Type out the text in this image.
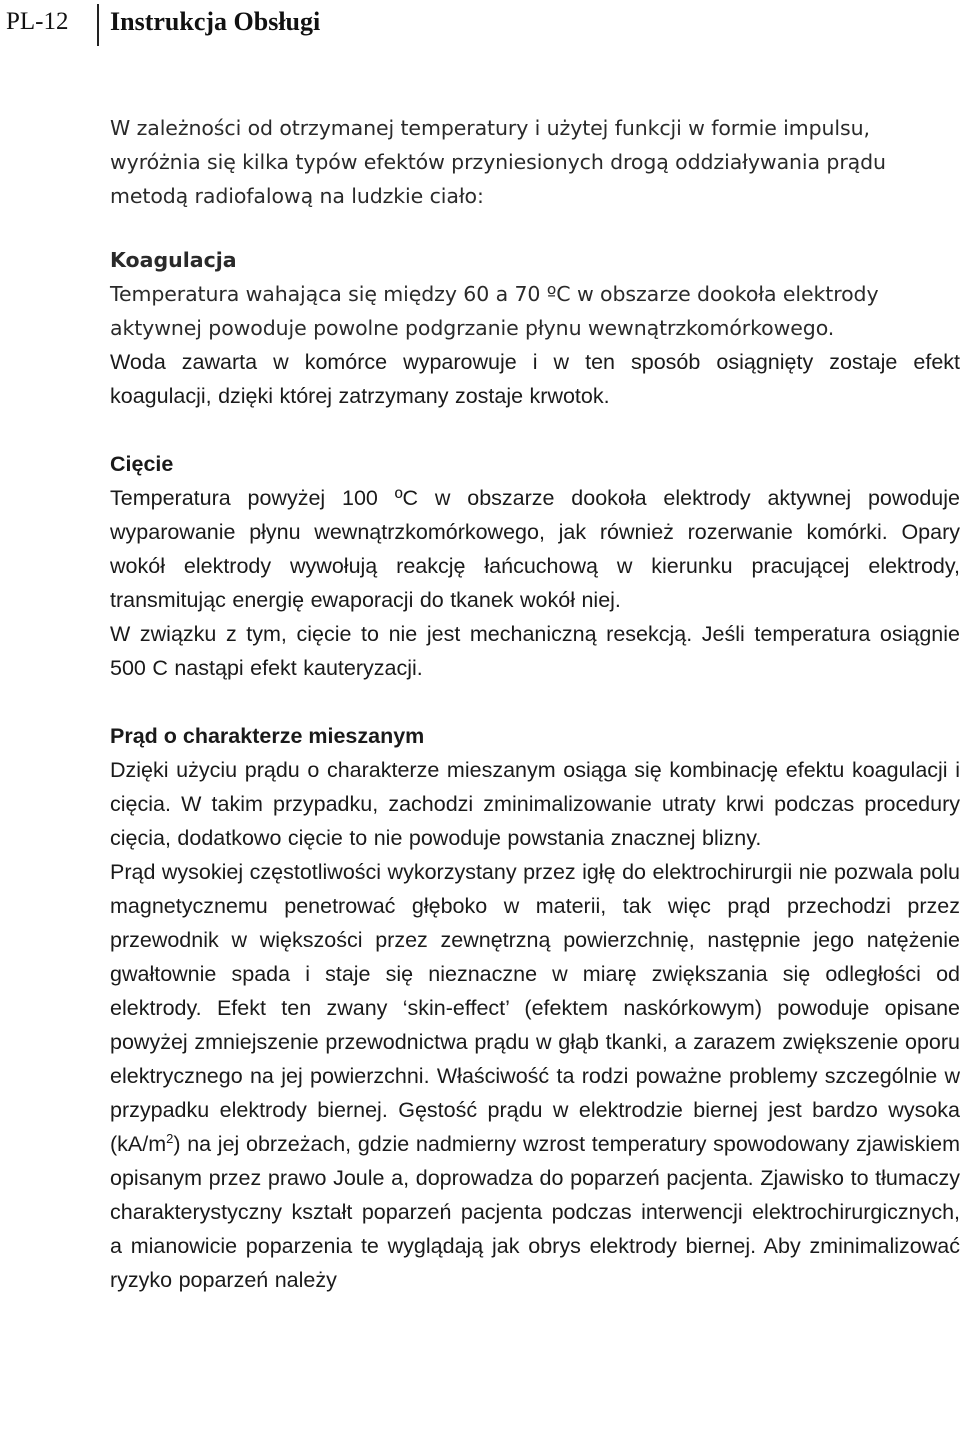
PL-12 Instrukcja Obsługi

W zależności od otrzymanej temperatury i użytej funkcji w formie impulsu, wyróżnia się kilka typów efektów przyniesionych drogą oddziaływania prądu metodą radiofalową na ludzkie ciało:

Koagulacja

Temperatura wahająca się między 60 a 70 ºC w obszarze dookoła elektrody aktywnej powoduje powolne podgrzanie płynu wewnątrzkomórkowego.

Woda zawarta w komórce wyparowuje i w ten sposób osiągnięty zostaje efekt koagulacji, dzięki której zatrzymany zostaje krwotok.

Cięcie

Temperatura powyżej 100 ºC w obszarze dookoła elektrody aktywnej powoduje wyparowanie płynu wewnątrzkomórkowego, jak również rozerwanie komórki. Opary wokół elektrody wywołują reakcję łańcuchową w kierunku pracującej elektrody, transmitując energię ewaporacji do tkanek wokół niej.

W związku z tym, cięcie to nie jest mechaniczną resekcją. Jeśli temperatura osiągnie 500 C nastąpi efekt kauteryzacji.

Prąd o charakterze mieszanym

Dzięki użyciu prądu o charakterze mieszanym osiąga się kombinację efektu koagulacji i cięcia. W takim przypadku, zachodzi zminimalizowanie utraty krwi podczas procedury cięcia, dodatkowo cięcie to nie powoduje powstania znacznej blizny.

Prąd wysokiej częstotliwości wykorzystany przez igłę do elektrochirurgii nie pozwala polu magnetycznemu penetrować głęboko w materii, tak więc prąd przechodzi przez przewodnik w większości przez zewnętrzną powierzchnię, następnie jego natężenie gwałtownie spada i staje się nieznaczne w miarę zwiększania się odległości od elektrody. Efekt ten zwany ‘skin-effect’ (efektem naskórkowym) powoduje opisane powyżej zmniejszenie przewodnictwa prądu w głąb tkanki, a zarazem zwiększenie oporu elektrycznego na jej powierzchni. Właściwość ta rodzi poważne problemy szczególnie w przypadku elektrody biernej. Gęstość prądu w elektrodzie biernej jest bardzo wysoka $(kA/m^2)$ na jej obrzeżach, gdzie nadmierny wzrost temperatury spowodowany zjawiskiem opisanym przez prawo Joule a, doprowadza do poparzeń pacjenta. Zjawisko to tłumaczy charakterystyczny kształt poparzeń pacjenta podczas interwencji elektrochirurgicznych, a mianowicie poparzenia te wyglądają jak obrys elektrody biernej. Aby zminimalizować ryzyko poparzeń należy
